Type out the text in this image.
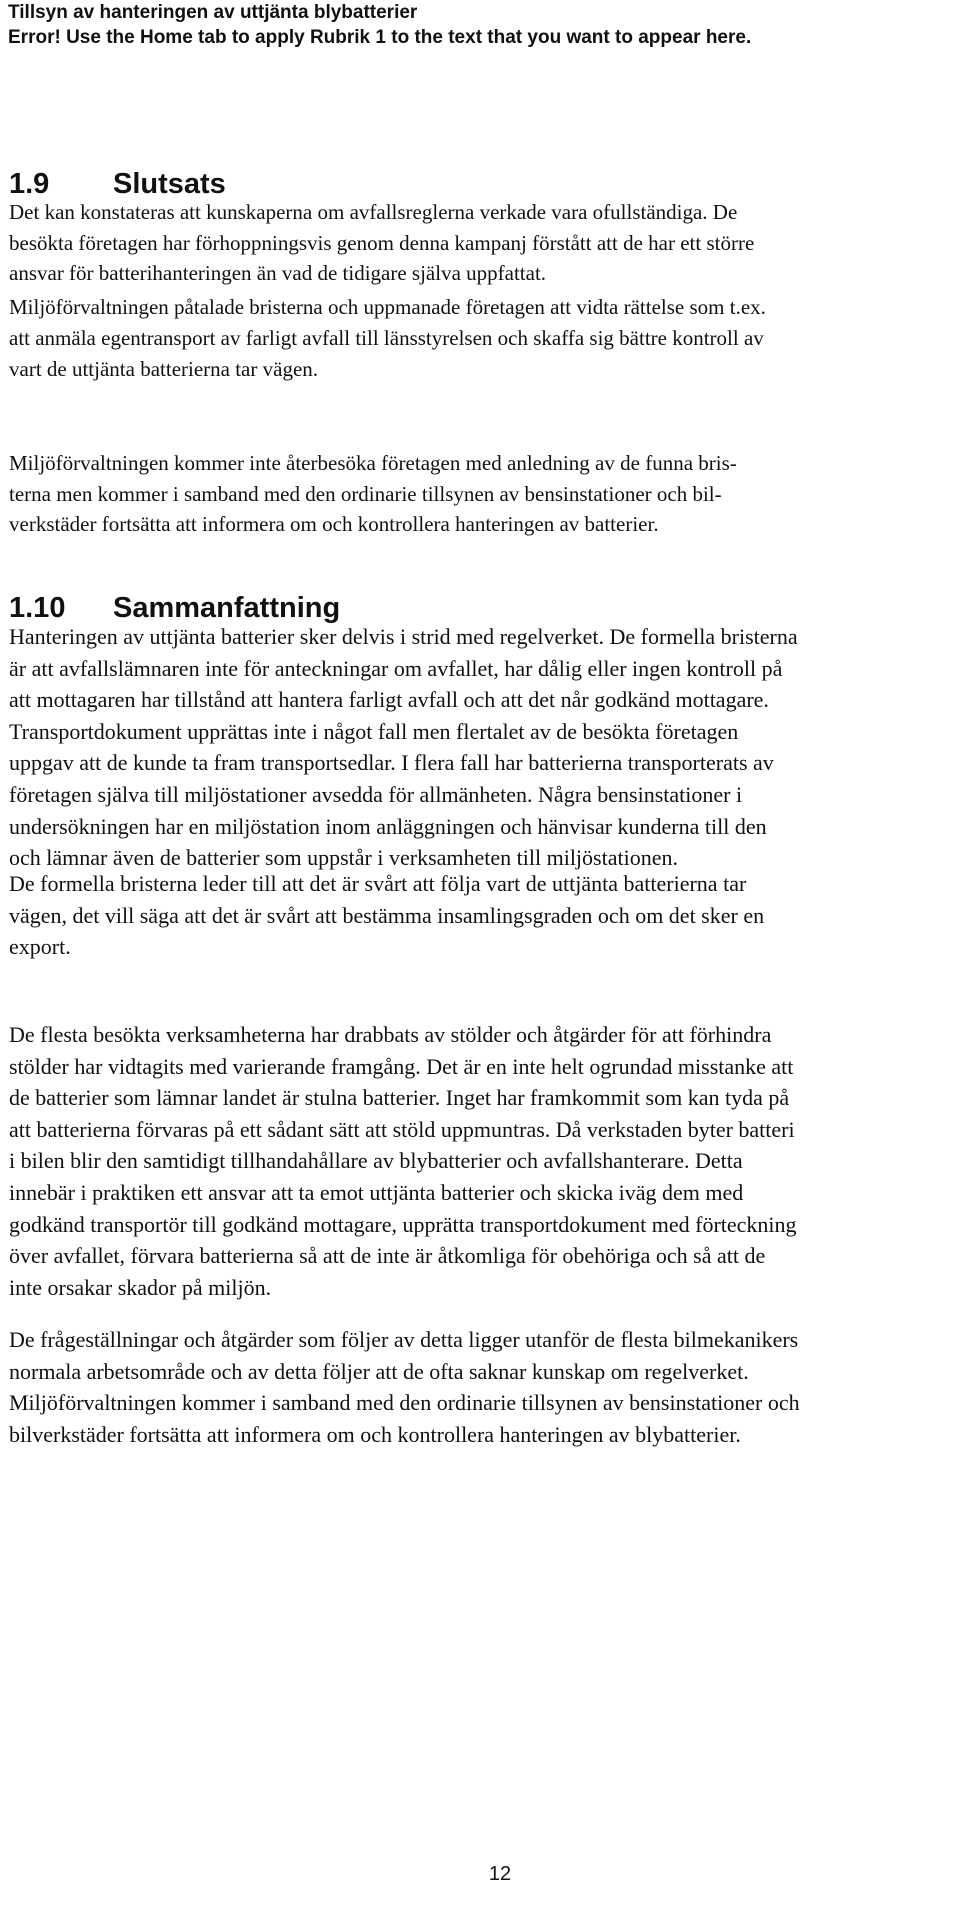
Tillsyn av hanteringen av uttjänta blybatterier
Error! Use the Home tab to apply Rubrik 1 to the text that you want to appear here.
1.9 Slutsats

Det kan konstateras att kunskaperna om avfallsreglerna verkade vara ofullständiga. De
besökta företagen har förhoppningsvis genom denna kampanj förstått att de har ett större
ansvar för batterihanteringen än vad de tidigare själva uppfattat.

Miljöförvaltningen påtalade bristerna och uppmanade företagen att vidta rättelse som t.ex.

att anmäla egentransport av farligt avfall till länsstyrelsen och skaffa sig bättre kontroll av
vart de uttjänta batterierna tar vägen.

Miljöförvaltningen kommer inte återbesöka företagen med anledning av de funna bris-
terna men kommer i samband med den ordinarie tillsynen av bensinstationer och bil-
verkstäder fortsätta att informera om och kontrollera hanteringen av batterier.

1.10 Sammanfattning

Hanteringen av uttjänta batterier sker delvis i strid med regelverket. De formella bristerna
är att avfallslämnaren inte för anteckningar om avfallet, har dålig eller ingen kontroll på
att mottagaren har tillstånd att hantera farligt avfall och att det når godkänd mottagare.
Transportdokument upprättas inte i något fall men flertalet av de besökta företagen
uppgav att de kunde ta fram transportsedlar. I flera fall har batterierna transporterats av
företagen själva till miljöstationer avsedda för allmänheten. Några bensinstationer i
undersökningen har en miljöstation inom anläggningen och hänvisar kunderna till den
och lämnar även de batterier som uppstår i verksamheten till miljöstationen.

De formella bristerna leder till att det är svårt att följa vart de uttjänta batterierna tar
vägen, det vill säga att det är svårt att bestämma insamlingsgraden och om det sker en
export.

De flesta besökta verksamheterna har drabbats av stölder och åtgärder för att förhindra
stölder har vidtagits med varierande framgång. Det är en inte helt ogrundad misstanke att
de batterier som lämnar landet är stulna batterier. Inget har framkommit som kan tyda på
att batterierna förvaras på ett sådant sätt att stöld uppmuntras. Då verkstaden byter batteri
i bilen blir den samtidigt tillhandahållare av blybatterier och avfallshanterare. Detta
innebär i praktiken ett ansvar att ta emot uttjänta batterier och skicka iväg dem med
godkänd transportör till godkänd mottagare, upprätta transportdokument med förteckning
över avfallet, förvara batterierna så att de inte är åtkomliga för obehöriga och så att de
inte orsakar skador på miljön.

De frågeställningar och åtgärder som följer av detta ligger utanför de flesta bilmekanikers
normala arbetsområde och av detta följer att de ofta saknar kunskap om regelverket.
Miljöförvaltningen kommer i samband med den ordinarie tillsynen av bensinstationer och
bilverkstäder fortsätta att informera om och kontrollera hanteringen av blybatterier.

12
